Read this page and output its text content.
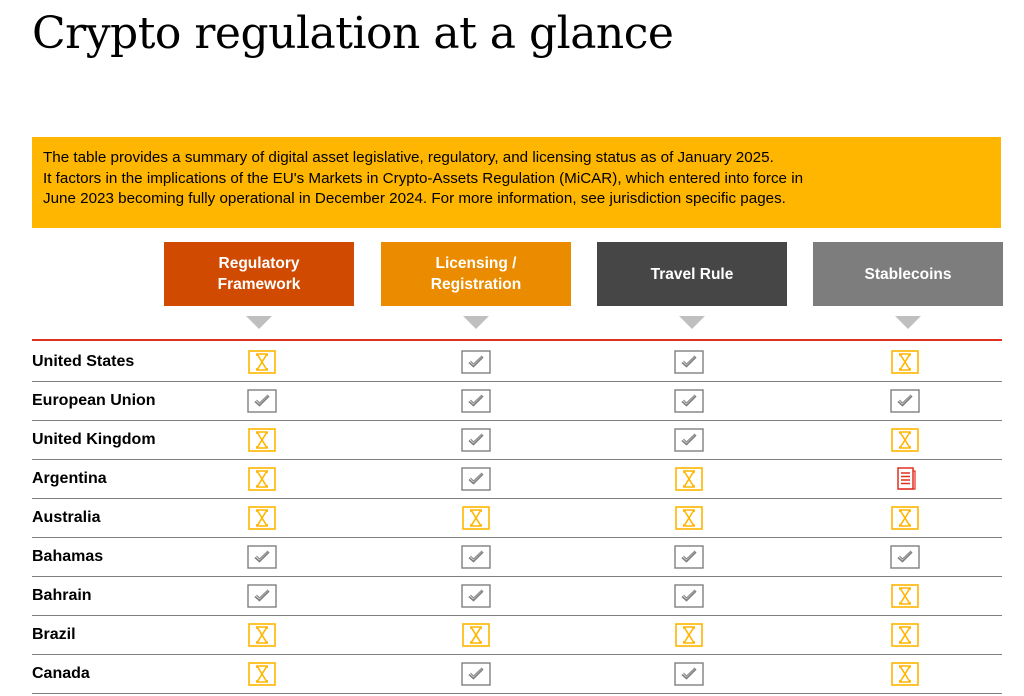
Crypto regulation at a glance
The table provides a summary of digital asset legislative, regulatory, and licensing status as of January 2025.
It factors in the implications of the EU's Markets in Crypto-Assets Regulation (MiCAR), which entered into force in
June 2023 becoming fully operational in December 2024. For more information, see jurisdiction specific pages.
Regulatory
Framework
Licensing /
Registration
Travel Rule	Stablecoins
United States
European Union
United Kingdom
Argentina
Australia
Bahamas
Bahrain
Brazil
Canada
